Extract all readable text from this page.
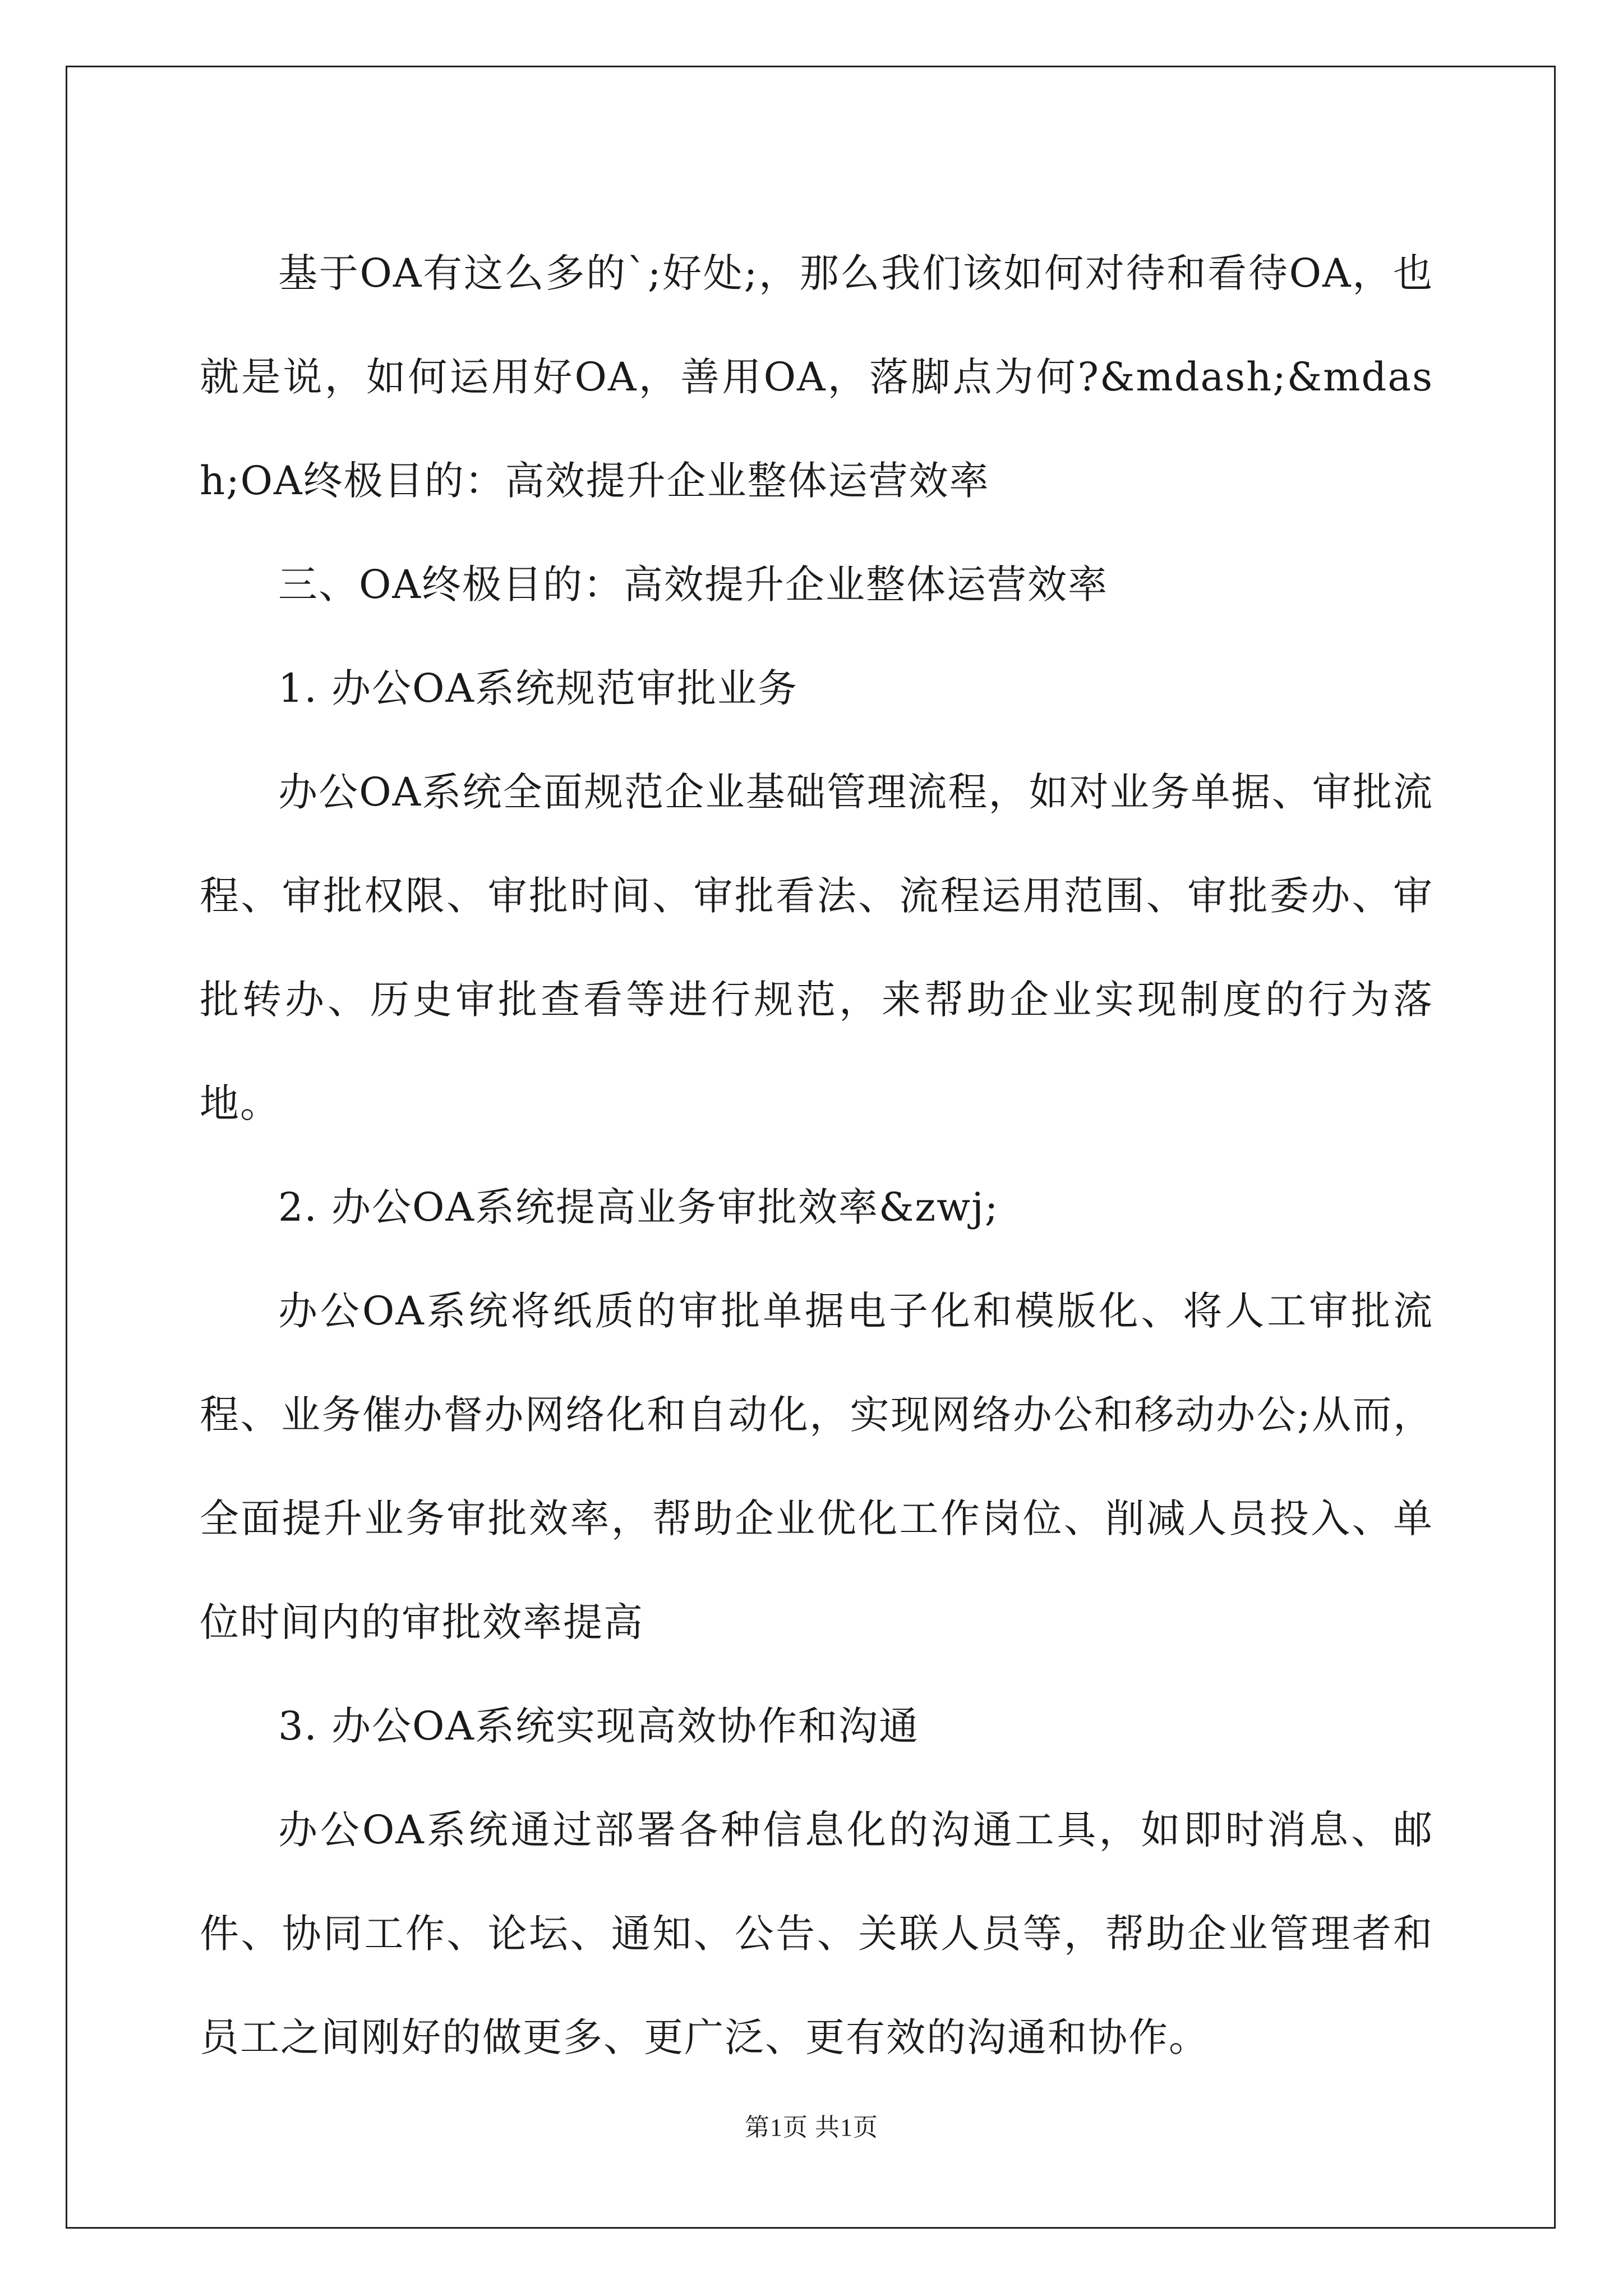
基于OA有这么多的`;好处;，那么我们该如何对待和看待OA，也就是说，如何运用好OA，善用OA，落脚点为何?&mdash;&mdash;OA终极目的：高效提升企业整体运营效率

三、OA终极目的：高效提升企业整体运营效率

1. 办公OA系统规范审批业务

办公OA系统全面规范企业基础管理流程，如对业务单据、审批流程、审批权限、审批时间、审批看法、流程运用范围、审批委办、审批转办、历史审批查看等进行规范，来帮助企业实现制度的行为落地。

2. 办公OA系统提高业务审批效率&zwj;

办公OA系统将纸质的审批单据电子化和模版化、将人工审批流程、业务催办督办网络化和自动化，实现网络办公和移动办公;从而，全面提升业务审批效率，帮助企业优化工作岗位、削减人员投入、单位时间内的审批效率提高

3. 办公OA系统实现高效协作和沟通

办公OA系统通过部署各种信息化的沟通工具，如即时消息、邮件、协同工作、论坛、通知、公告、关联人员等，帮助企业管理者和员工之间刚好的做更多、更广泛、更有效的沟通和协作。

第1页 共1页
